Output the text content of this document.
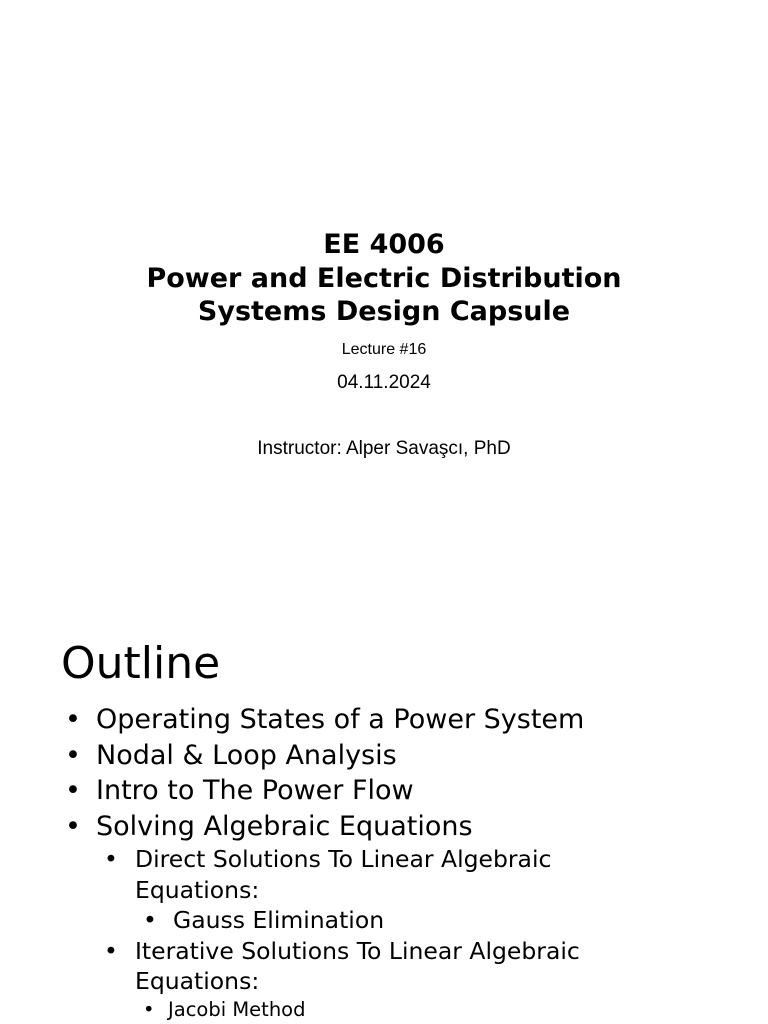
EE 4006
Power and Electric Distribution
Systems Design Capsule
Lecture #16
04.11.2024
Instructor: Alper Savaşcı, PhD
Outline
• Operating States of a Power System
• Nodal & Loop Analysis
• Intro to The Power Flow
• Solving Algebraic Equations
• Direct Solutions To Linear Algebraic Equations:
• Gauss Elimination
• Iterative Solutions To Linear Algebraic Equations:
• Jacobi Method
